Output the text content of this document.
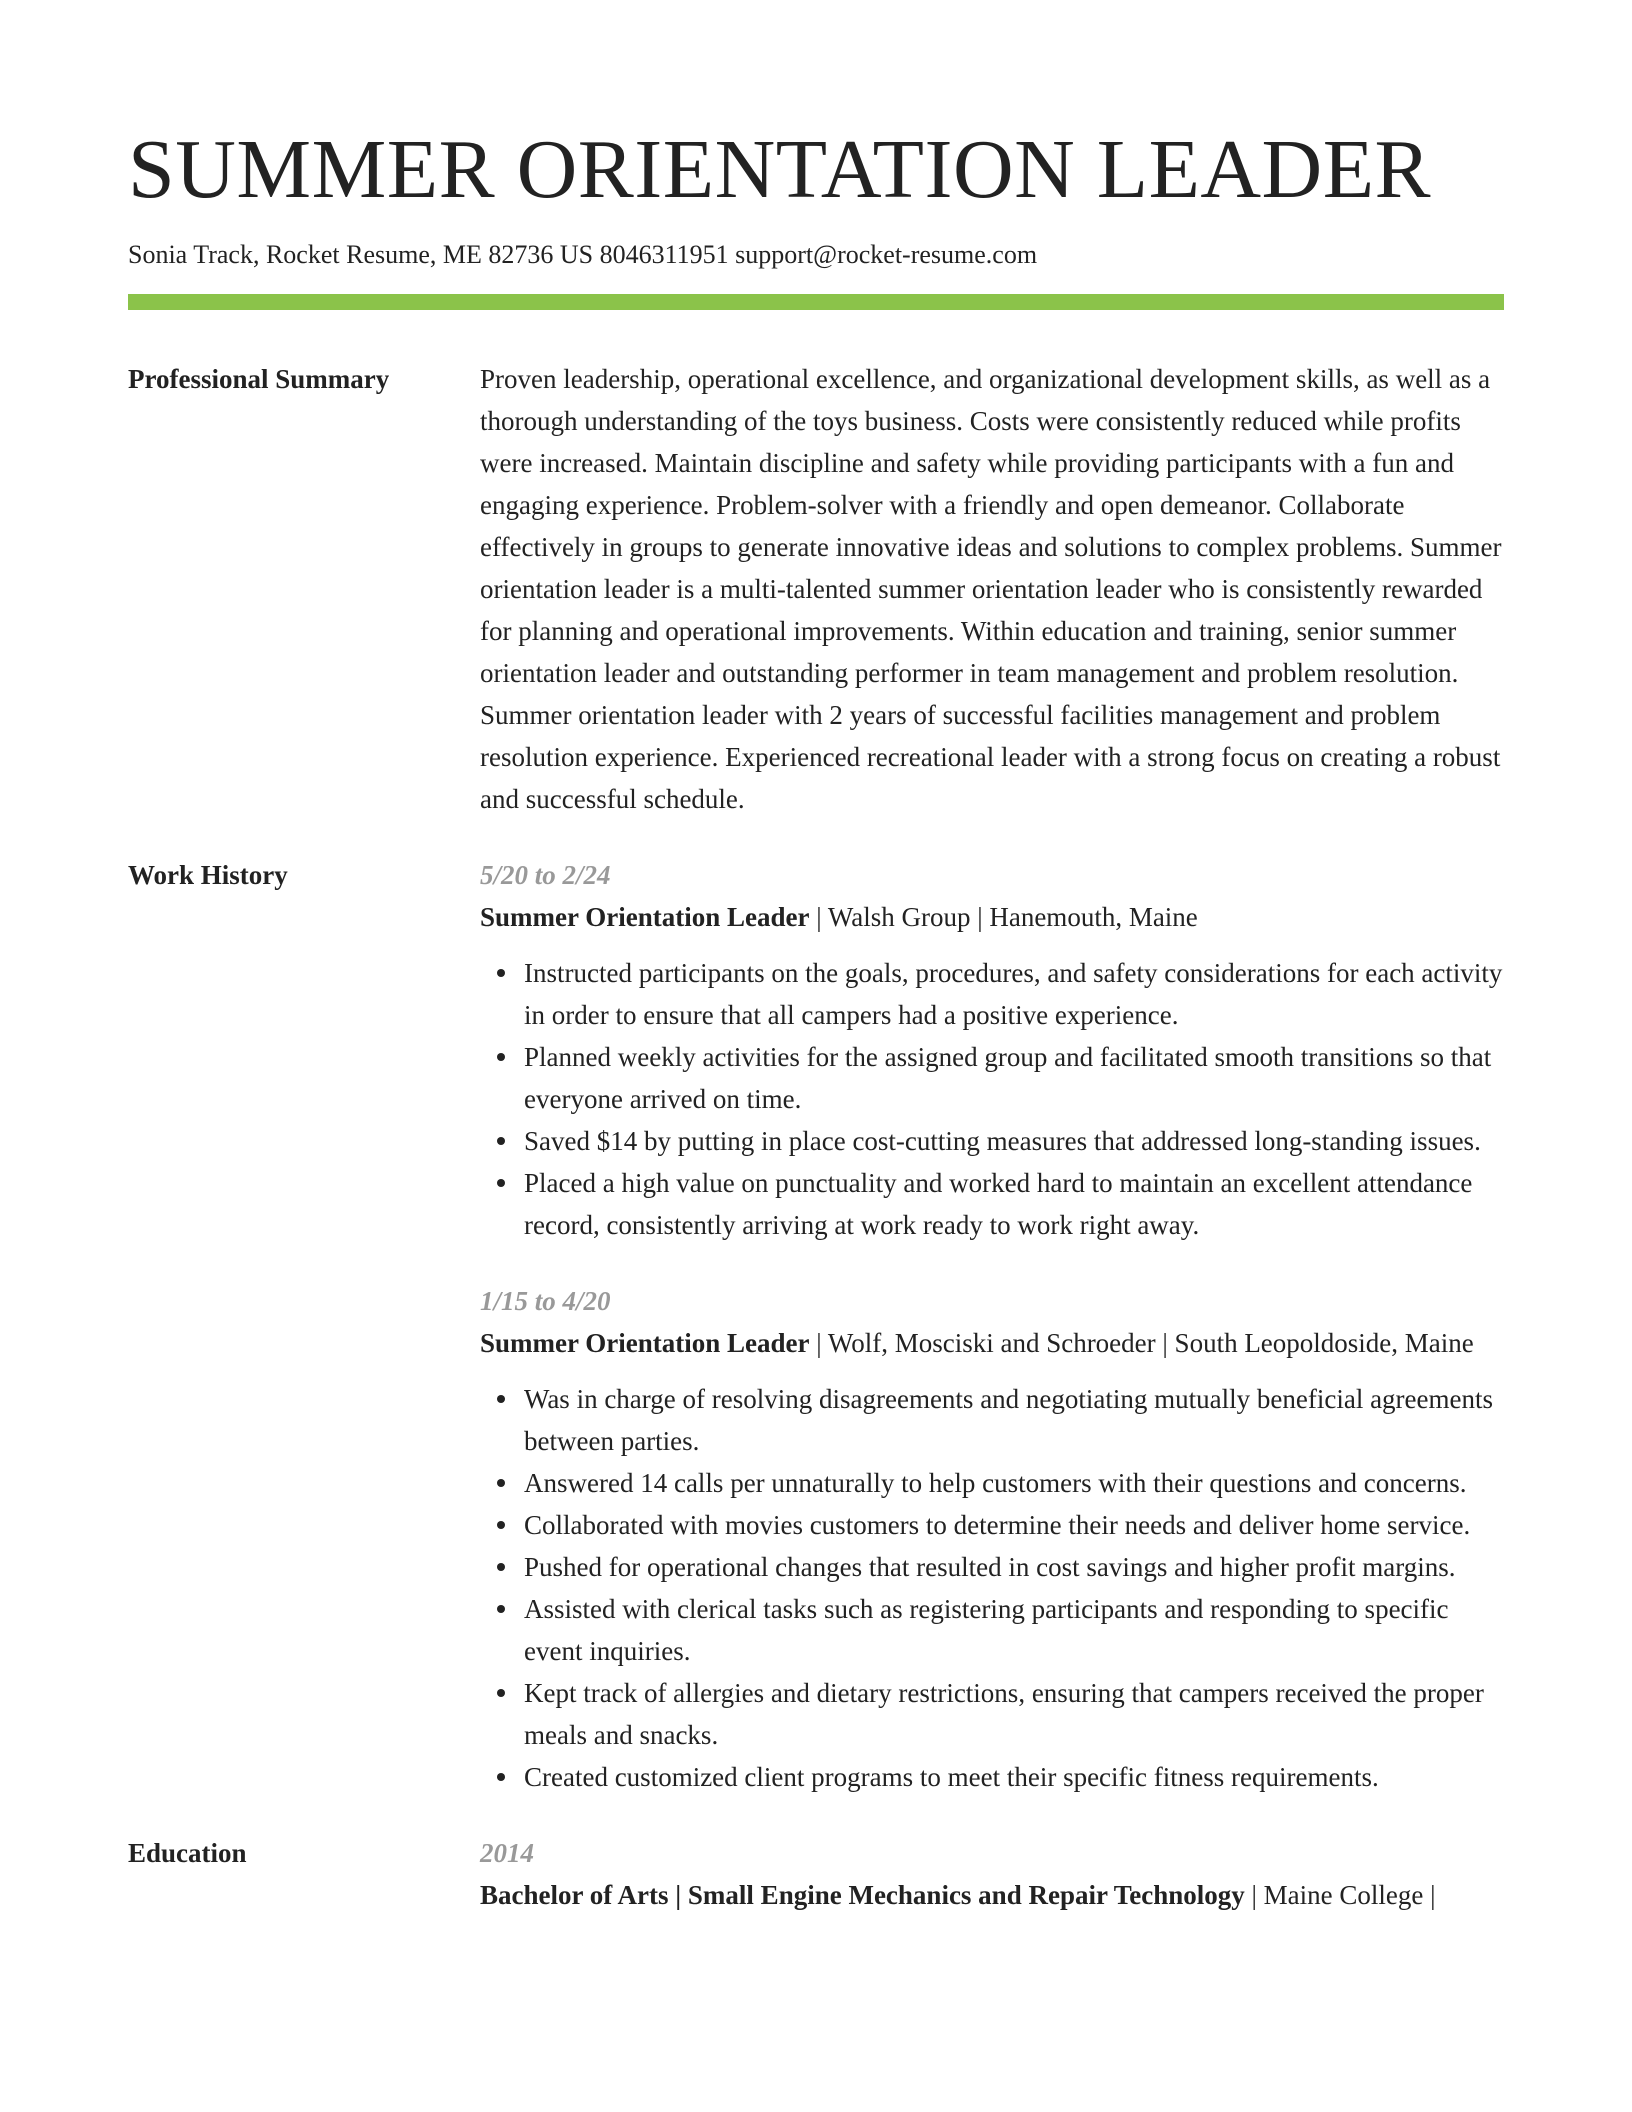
SUMMER ORIENTATION LEADER
Sonia Track, Rocket Resume, ME 82736 US 8046311951 support@rocket-resume.com
Professional Summary	Proven leadership, operational excellence, and organizational development skills, as well as a thorough understanding of the toys business. Costs were consistently reduced while profits were increased. Maintain discipline and safety while providing participants with a fun and engaging experience. Problem-solver with a friendly and open demeanor. Collaborate effectively in groups to generate innovative ideas and solutions to complex problems. Summer orientation leader is a multi-talented summer orientation leader who is consistently rewarded for planning and operational improvements. Within education and training, senior summer orientation leader and outstanding performer in team management and problem resolution. Summer orientation leader with 2 years of successful facilities management and problem resolution experience. Experienced recreational leader with a strong focus on creating a robust and successful schedule.

Work History	5/20 to 2/24

Summer Orientation Leader | Walsh Group | Hanemouth, Maine

Instructed participants on the goals, procedures, and safety considerations for each activity in order to ensure that all campers had a positive experience.
Planned weekly activities for the assigned group and facilitated smooth transitions so that everyone arrived on time.
Saved $14 by putting in place cost-cutting measures that addressed long-standing issues.
Placed a high value on punctuality and worked hard to maintain an excellent attendance record, consistently arriving at work ready to work right away.
1/15 to 4/20

Summer Orientation Leader | Wolf, Mosciski and Schroeder | South Leopoldoside, Maine

Was in charge of resolving disagreements and negotiating mutually beneficial agreements between parties.
Answered 14 calls per unnaturally to help customers with their questions and concerns.
Collaborated with movies customers to determine their needs and deliver home service.
Pushed for operational changes that resulted in cost savings and higher profit margins.
Assisted with clerical tasks such as registering participants and responding to specific event inquiries.
Kept track of allergies and dietary restrictions, ensuring that campers received the proper meals and snacks.
Created customized client programs to meet their specific fitness requirements.
Education	2014

Bachelor of Arts | Small Engine Mechanics and Repair Technology | Maine College |
